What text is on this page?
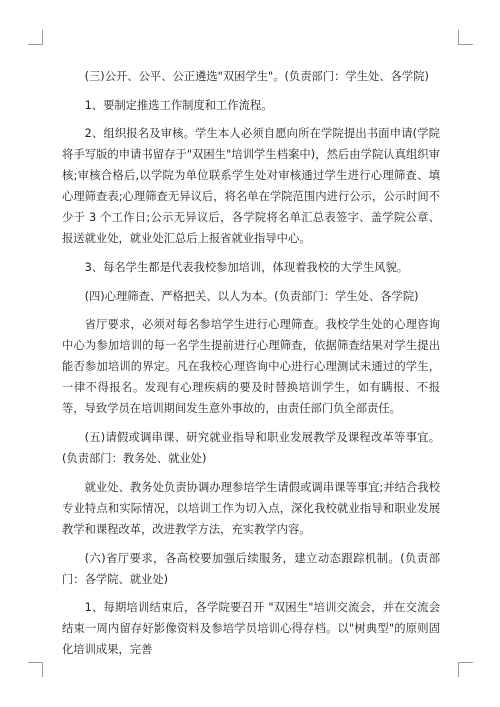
(三)公开、公平、公正遴选"双困学生"。(负责部门：学生处、各学院)

1、要制定推选工作制度和工作流程。

2、组织报名及审核。学生本人必须自愿向所在学院提出书面申请(学院将手写版的申请书留存于"双困生"培训学生档案中)，然后由学院认真组织审核;审核合格后,以学院为单位联系学生处对审核通过学生进行心理筛查、填心理筛查表;心理筛查无异议后，将名单在学院范围内进行公示，公示时间不少于 3 个工作日;公示无异议后，各学院将名单汇总表签字、盖学院公章、报送就业处，就业处汇总后上报省就业指导中心。

3、每名学生都是代表我校参加培训，体现着我校的大学生风貌。

(四)心理筛查、严格把关、以人为本。(负责部门：学生处、各学院)

省厅要求，必须对每名参培学生进行心理筛查。我校学生处的心理咨询中心为参加培训的每一名学生提前进行心理筛查，依据筛查结果对学生提出能否参加培训的界定。凡在我校心理咨询中心进行心理测试未通过的学生，一律不得报名。发现有心理疾病的要及时替换培训学生，如有瞒报、不报等，导致学员在培训期间发生意外事故的，由责任部门负全部责任。

(五)请假或调串课、研究就业指导和职业发展教学及课程改革等事宜。(负责部门：教务处、就业处)

就业处、教务处负责协调办理参培学生请假或调串课等事宜;并结合我校专业特点和实际情况，以培训工作为切入点，深化我校就业指导和职业发展教学和课程改革，改进教学方法，充实教学内容。

(六)省厅要求，各高校要加强后续服务，建立动态跟踪机制。(负责部门：各学院、就业处)

1、每期培训结束后，各学院要召开 "双困生"培训交流会，并在交流会结束一周内留存好影像资料及参培学员培训心得存档。以"树典型"的原则固化培训成果，完善
